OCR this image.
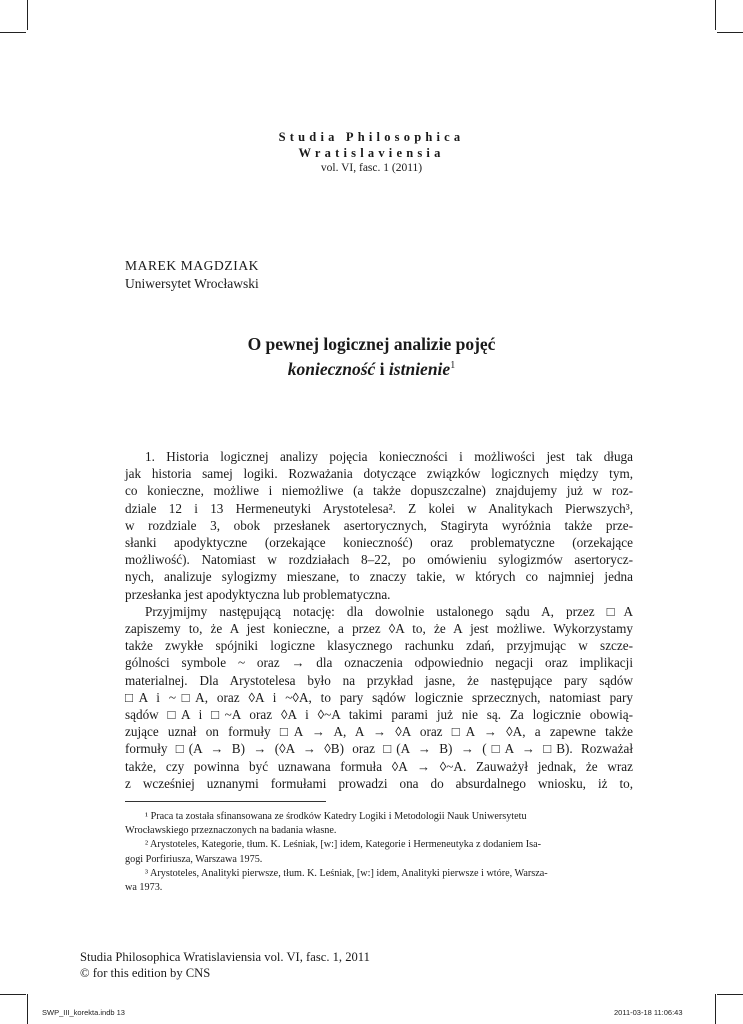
Studia Philosophica
Wratislaviensia
vol. VI, fasc. 1 (2011)
MAREK MAGDZIAK
Uniwersytet Wrocławski
O pewnej logicznej analizie pojęć
konieczność i istnienie$^1$
1. Historia logicznej analizy pojęcia konieczności i możliwości jest tak długa
jak historia samej logiki. Rozważania dotyczące związków logicznych między tym,
co konieczne, możliwe i niemożliwe (a także dopuszczalne) znajdujemy już w roz-
dziale 12 i 13 Hermeneutyki Arystotelesa². Z kolei w Analitykach Pierwszych³,
w rozdziale 3, obok przesłanek asertorycznych, Stagiryta wyróżnia także prze-
słanki apodyktyczne (orzekające konieczność) oraz problematyczne (orzekające
możliwość). Natomiast w rozdziałach 8–22, po omówieniu sylogizmów asertorycz-
nych, analizuje sylogizmy mieszane, to znaczy takie, w których co najmniej jedna
przesłanka jest apodyktyczna lub problematyczna.
Przyjmijmy następującą notację: dla dowolnie ustalonego sądu A, przez □A
zapiszemy to, że A jest konieczne, a przez ◊A to, że A jest możliwe. Wykorzystamy
także zwykłe spójniki logiczne klasycznego rachunku zdań, przyjmując w szcze-
gólności symbole ~ oraz → dla oznaczenia odpowiednio negacji oraz implikacji
materialnej. Dla Arystotelesa było na przykład jasne, że następujące pary sądów
□A i ~□A, oraz ◊A i ~◊A, to pary sądów logicznie sprzecznych, natomiast pary
sądów □A i □~A oraz ◊A i ◊~A takimi parami już nie są. Za logicznie obowią-
zujące uznał on formuły □A → A, A → ◊A oraz □A → ◊A, a zapewne także
formuły □(A → B) → (◊A → ◊B) oraz □(A → B) → (□A → □B). Rozważał
także, czy powinna być uznawana formuła ◊A → ◊~A. Zauważył jednak, że wraz
z wcześniej uznanymi formułami prowadzi ona do absurdalnego wniosku, iż to,
¹ Praca ta została sfinansowana ze środków Katedry Logiki i Metodologii Nauk Uniwersytetu
Wrocławskiego przeznaczonych na badania własne.
² Arystoteles, Kategorie, tłum. K. Leśniak, [w:] idem, Kategorie i Hermeneutyka z dodaniem Isa-
gogi Porfiriusza, Warszawa 1975.
³ Arystoteles, Analityki pierwsze, tłum. K. Leśniak, [w:] idem, Analityki pierwsze i wtóre, Warsza-
wa 1973.
Studia Philosophica Wratislaviensia vol. VI, fasc. 1, 2011
© for this edition by CNS
SWP_III_korekta.indb 13	2011-03-18 11:06:43
